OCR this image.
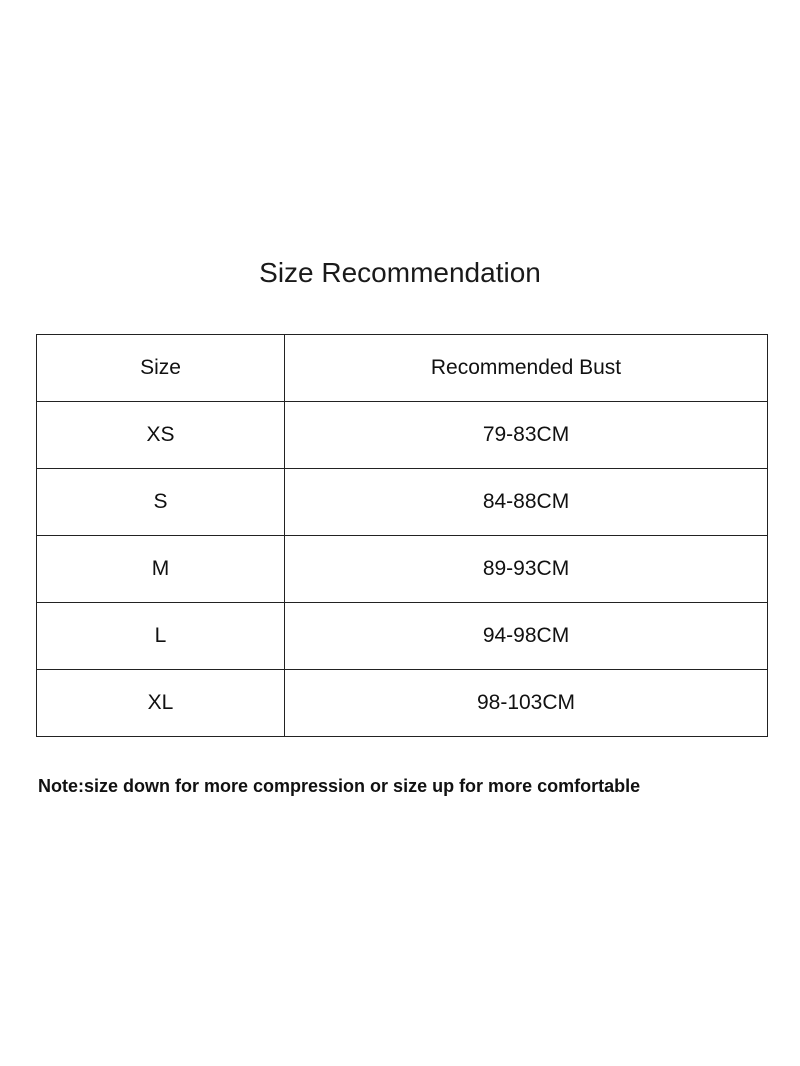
Size Recommendation
Size	Recommended Bust
XS	79-83CM
S	84-88CM
M	89-93CM
L	94-98CM
XL	98-103CM
Note:size down for more compression or size up for more comfortable
